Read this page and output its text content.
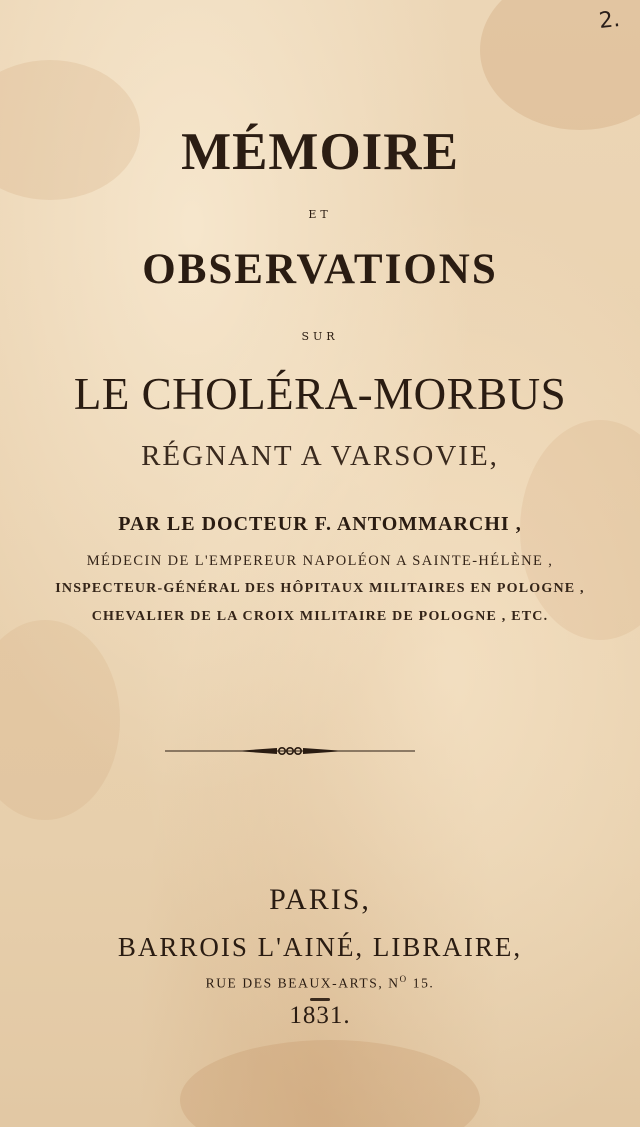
2.
MÉMOIRE
ET
OBSERVATIONS
SUR
LE CHOLÉRA-MORBUS
RÉGNANT A VARSOVIE,
PAR LE DOCTEUR F. ANTOMMARCHI ,
MÉDECIN DE L'EMPEREUR NAPOLÉON A SAINTE-HÉLÈNE ,
INSPECTEUR-GÉNÉRAL DES HÔPITAUX MILITAIRES EN POLOGNE ,
CHEVALIER DE LA CROIX MILITAIRE DE POLOGNE , ETC.
PARIS,
BARROIS L'AINÉ, LIBRAIRE,
RUE DES BEAUX-ARTS, $N^O$ 15.
1831.
